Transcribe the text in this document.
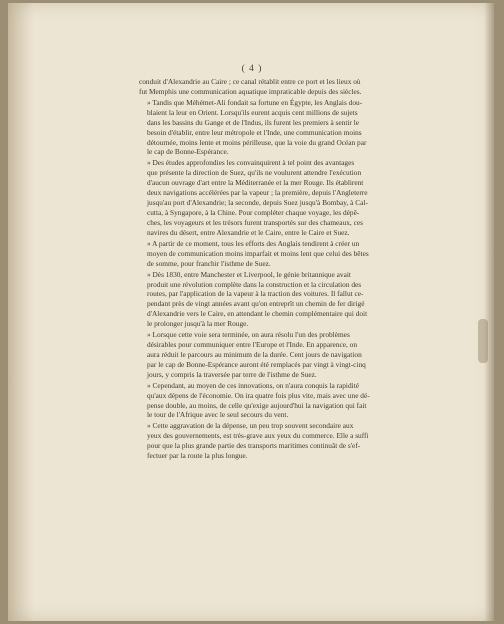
( 4 )
conduit d'Alexandrie au Caire ; ce canal rétablit entre ce port et les lieux où
fut Memphis une communication aquatique impraticable depuis des siècles.
» Tandis que Méhémet-Ali fondait sa fortune en Égypte, les Anglais dou-
blaient la leur en Orient. Lorsqu'ils eurent acquis cent millions de sujets
dans les bassins du Gange et de l'Indus, ils furent les premiers à sentir le
besoin d'établir, entre leur métropole et l'Inde, une communication moins
détournée, moins lente et moins périlleuse, que la voie du grand Océan par
le cap de Bonne-Espérance.
» Des études approfondies les convainquirent à tel point des avantages
que présente la direction de Suez, qu'ils ne voulurent attendre l'exécution
d'aucun ouvrage d'art entre la Méditerranée et la mer Rouge. Ils établirent
deux navigations accélérées par la vapeur ; la première, depuis l'Angleterre
jusqu'au port d'Alexandrie; la seconde, depuis Suez jusqu'à Bombay, à Cal-
cutta, à Syngapore, à la Chine. Pour compléter chaque voyage, les dépê-
ches, les voyageurs et les trésors furent transportés sur des chameaux, ces
navires du désert, entre Alexandrie et le Caire, entre le Caire et Suez.
» A partir de ce moment, tous les efforts des Anglais tendirent à créer un
moyen de communication moins imparfait et moins lent que celui des bêtes
de somme, pour franchir l'isthme de Suez.
» Dès 1830, entre Manchester et Liverpool, le génie britannique avait
produit une révolution complète dans la construction et la circulation des
routes, par l'application de la vapeur à la traction des voitures. Il fallut ce-
pendant près de vingt années avant qu'on entreprît un chemin de fer dirigé
d'Alexandrie vers le Caire, en attendant le chemin complémentaire qui doit
le prolonger jusqu'à la mer Rouge.
» Lorsque cette voie sera terminée, on aura résolu l'un des problèmes
désirables pour communiquer entre l'Europe et l'Inde. En apparence, on
aura réduit le parcours au minimum de la durée. Cent jours de navigation
par le cap de Bonne-Espérance auront été remplacés par vingt à vingt-cinq
jours, y compris la traversée par terre de l'isthme de Suez.
» Cependant, au moyen de ces innovations, on n'aura conquis la rapidité
qu'aux dépens de l'économie. On ira quatre fois plus vite, mais avec une dé-
pense double, au moins, de celle qu'exige aujourd'hui la navigation qui fait
le tour de l'Afrique avec le seul secours du vent.
» Cette aggravation de la dépense, un peu trop souvent secondaire aux
yeux des gouvernements, est très-grave aux yeux du commerce. Elle a suffi
pour que la plus grande partie des transports maritimes continuât de s'ef-
fectuer par la route la plus longue.
